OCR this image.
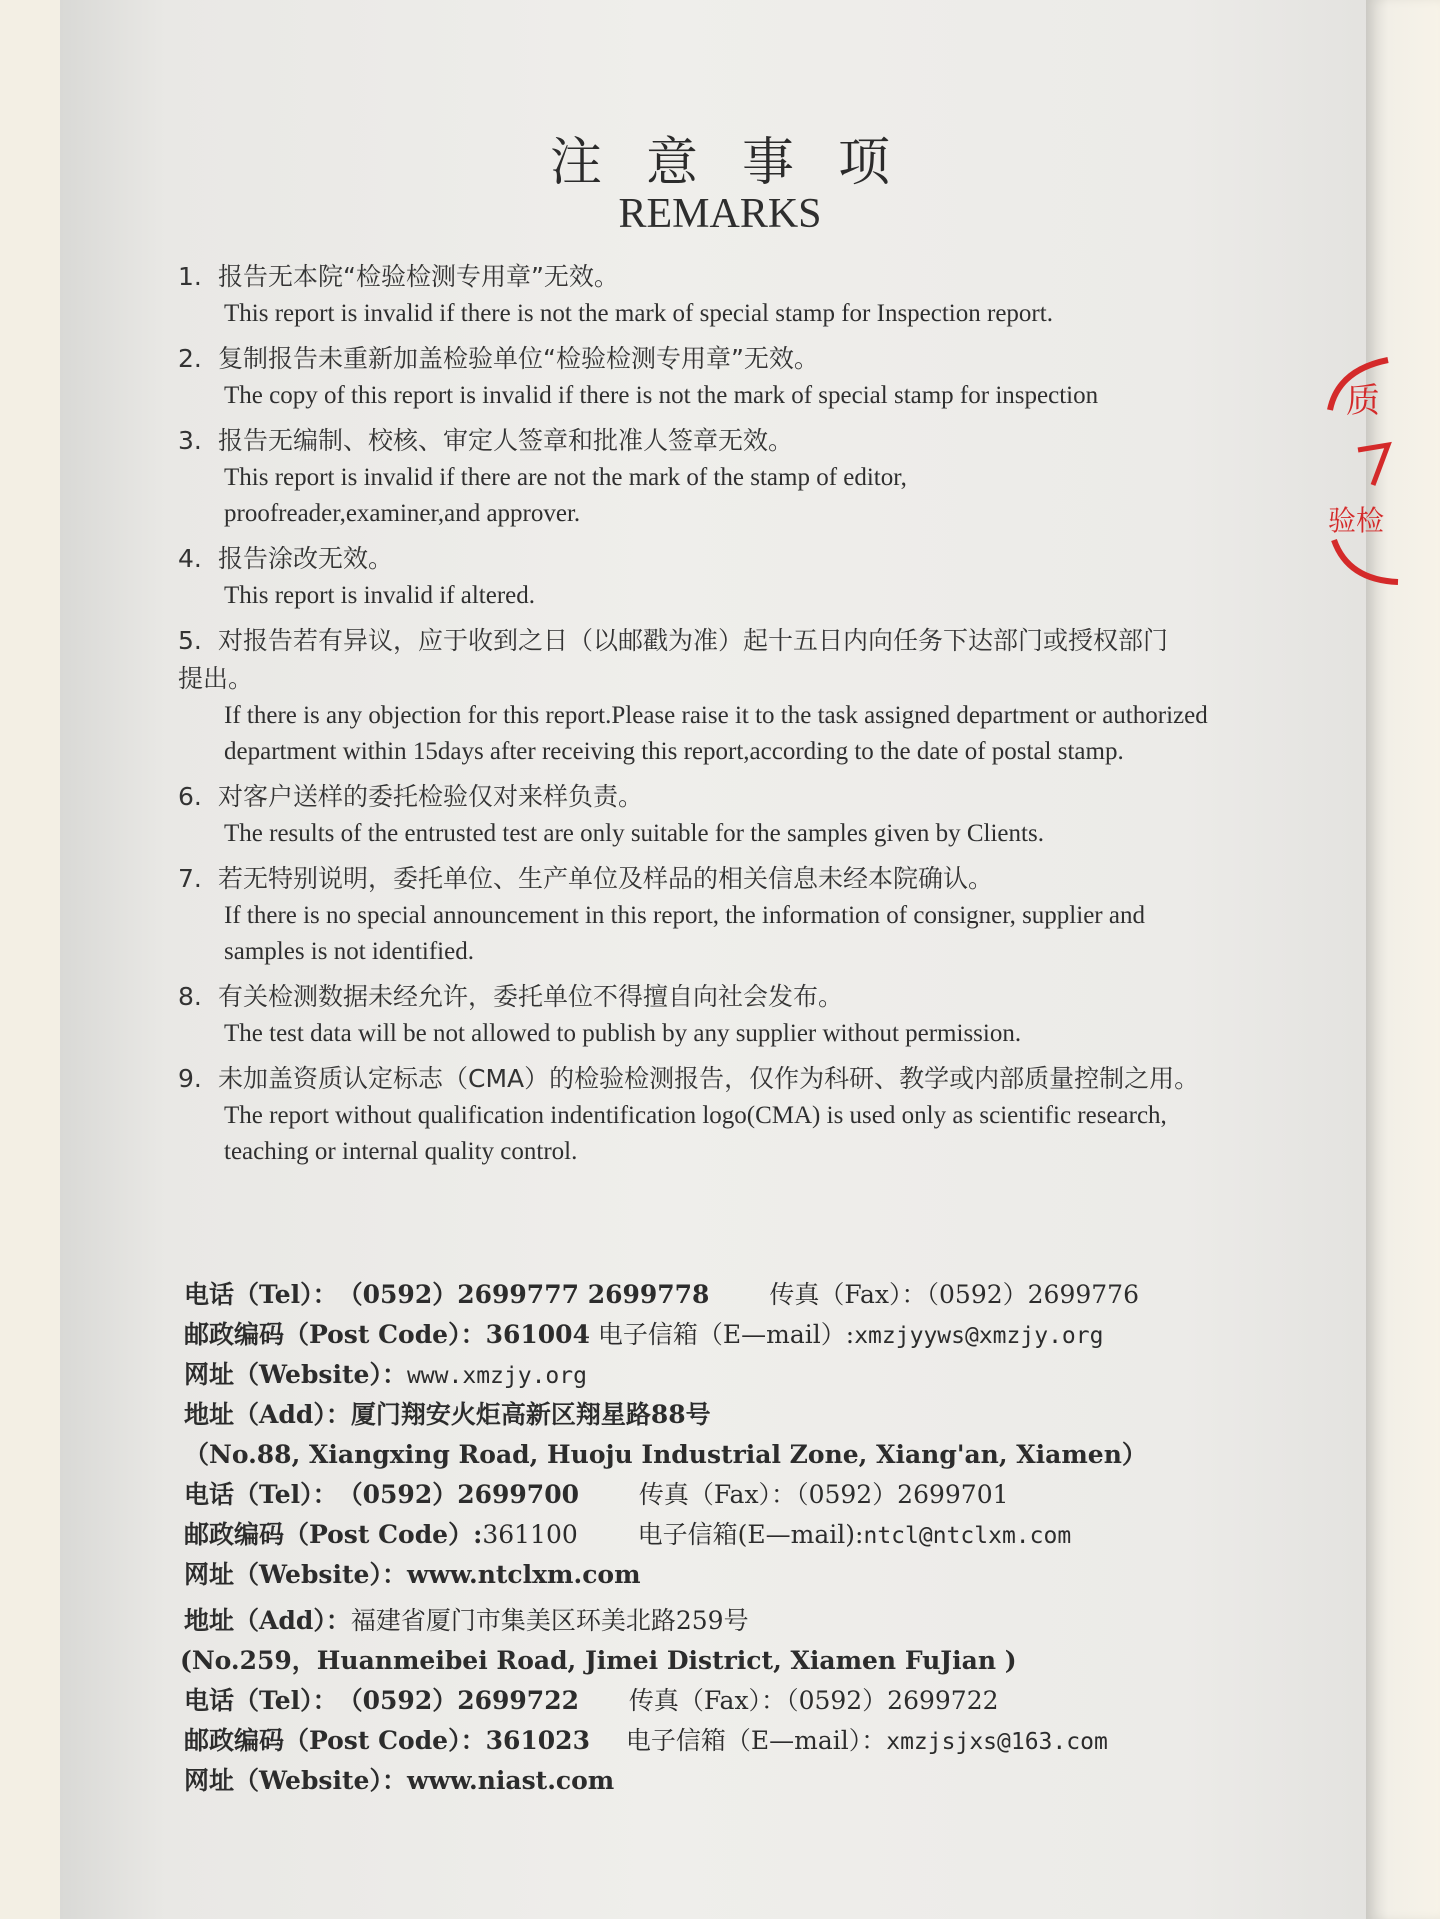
注意事项
REMARKS
1. 报告无本院“检验检测专用章”无效。
This report is invalid if there is not the mark of special stamp for Inspection report.
2. 复制报告未重新加盖检验单位“检验检测专用章”无效。
The copy of this report is invalid if there is not the mark of special stamp for inspection
3. 报告无编制、校核、审定人签章和批准人签章无效。
This report is invalid if there are not the mark of the stamp of editor, proofreader,examiner,and approver.
4. 报告涂改无效。
This report is invalid if altered.
5. 对报告若有异议，应于收到之日（以邮戳为准）起十五日内向任务下达部门或授权部门提出。
If there is any objection for this report.Please raise it to the task assigned department or authorized department within 15days after receiving this report,according to the date of postal stamp.
6. 对客户送样的委托检验仅对来样负责。
The results of the entrusted test are only suitable for the samples given by Clients.
7. 若无特别说明，委托单位、生产单位及样品的相关信息未经本院确认。
If there is no special announcement in this report, the information of consigner, supplier and samples is not identified.
8. 有关检测数据未经允许，委托单位不得擅自向社会发布。
The test data will be not allowed to publish by any supplier without permission.
9. 未加盖资质认定标志（CMA）的检验检测报告，仅作为科研、教学或内部质量控制之用。
The report without qualification indentification logo(CMA) is used only as scientific research, teaching or internal quality control.
电话（Tel）：（0592）2699777 2699778 传真（Fax）：（0592）2699776
邮政编码（Post Code）：361004 电子信箱（E—mail）:xmzjyyws@xmzjy.org
网址（Website）：www.xmzjy.org
地址（Add）：厦门翔安火炬高新区翔星路88号
（No.88, Xiangxing Road, Huoju Industrial Zone, Xiang'an, Xiamen）
电话（Tel）：（0592）2699700 传真（Fax）：（0592）2699701
邮政编码（Post Code）:361100 电子信箱(E—mail):ntcl@ntclxm.com
网址（Website）：www.ntclxm.com
地址（Add）：福建省厦门市集美区环美北路259号
(No.259，Huanmeibei Road, Jimei District, Xiamen FuJian )
电话（Tel）：（0592）2699722 传真（Fax）：（0592）2699722
邮政编码（Post Code）：361023 电子信箱（E—mail）：xmzjsjxs@163.com
网址（Website）：www.niast.com
质
验检
